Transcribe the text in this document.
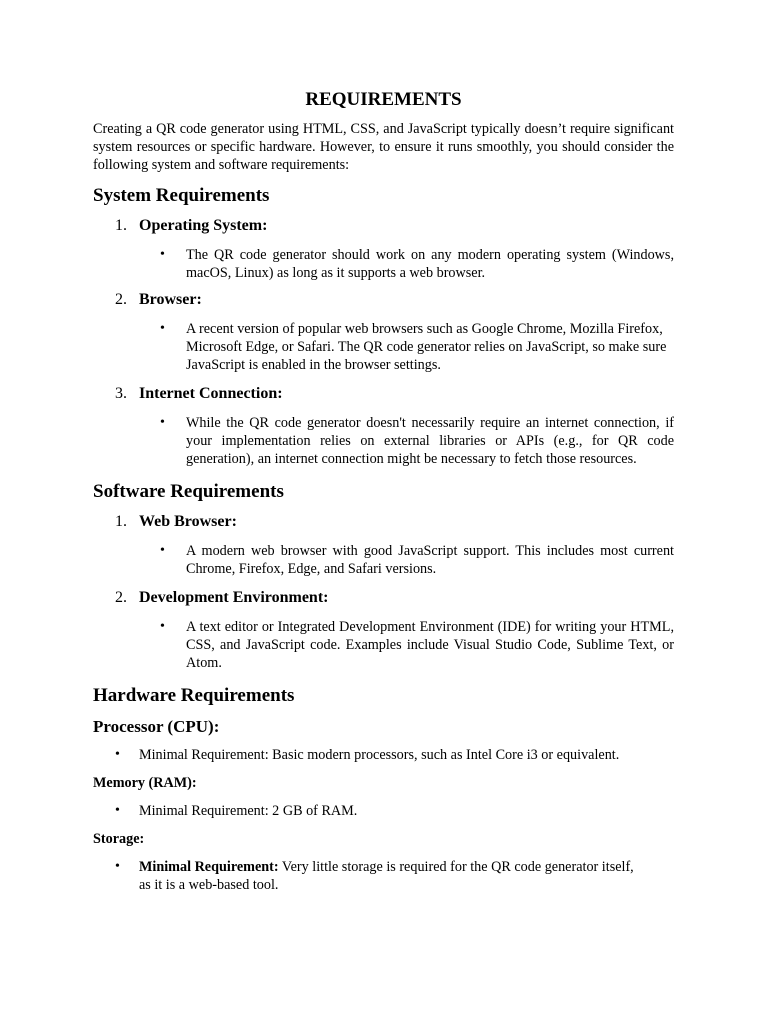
REQUIREMENTS

Creating a QR code generator using HTML, CSS, and JavaScript typically doesn’t require significant system resources or specific hardware. However, to ensure it runs smoothly, you should consider the following system and software requirements:

System Requirements
1. Operating System:
• The QR code generator should work on any modern operating system (Windows, macOS, Linux) as long as it supports a web browser.
2. Browser:
• A recent version of popular web browsers such as Google Chrome, Mozilla Firefox, Microsoft Edge, or Safari. The QR code generator relies on JavaScript, so make sure JavaScript is enabled in the browser settings.
3. Internet Connection:
• While the QR code generator doesn't necessarily require an internet connection, if your implementation relies on external libraries or APIs (e.g., for QR code generation), an internet connection might be necessary to fetch those resources.
Software Requirements
1. Web Browser:
• A modern web browser with good JavaScript support. This includes most current Chrome, Firefox, Edge, and Safari versions.
2. Development Environment:
• A text editor or Integrated Development Environment (IDE) for writing your HTML, CSS, and JavaScript code. Examples include Visual Studio Code, Sublime Text, or Atom.
Hardware Requirements
Processor (CPU):
• Minimal Requirement: Basic modern processors, such as Intel Core i3 or equivalent.
Memory (RAM):
• Minimal Requirement: 2 GB of RAM.
Storage:
• Minimal Requirement: Very little storage is required for the QR code generator itself, as it is a web-based tool.
